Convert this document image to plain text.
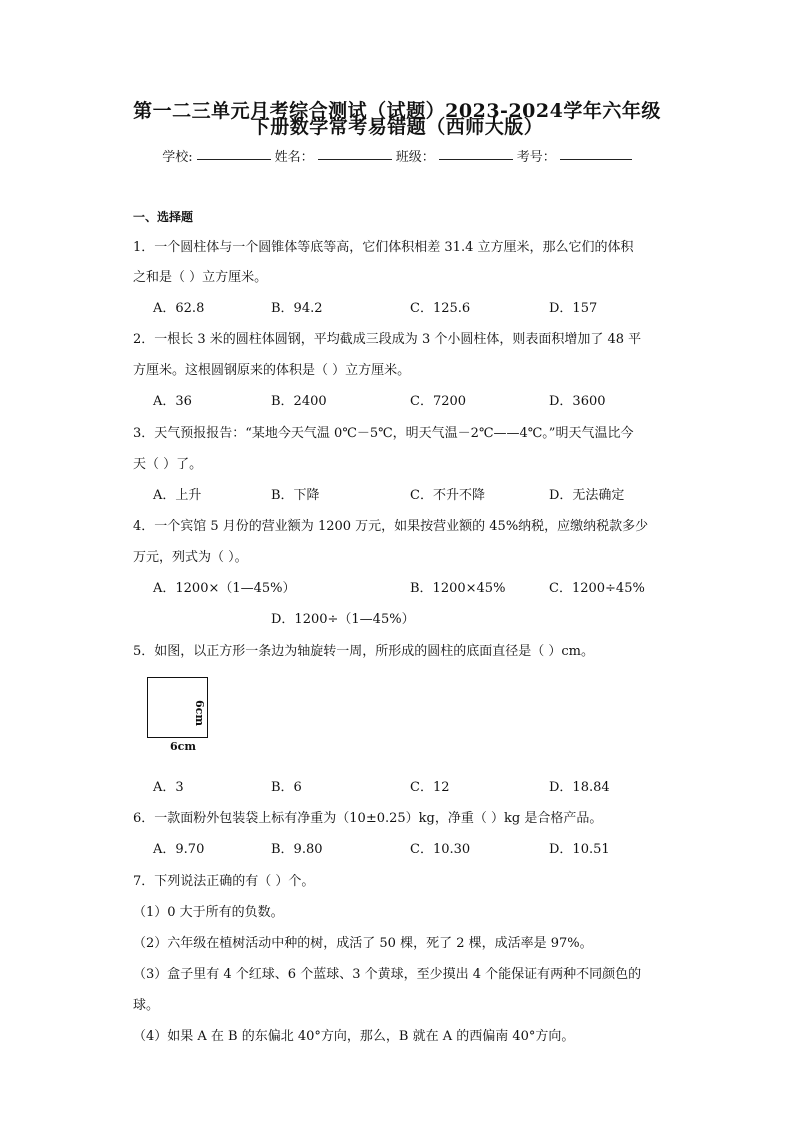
第一二三单元月考综合测试（试题）2023-2024学年六年级
下册数学常考易错题（西师大版）
学校:	姓名：	班级：	考号：
一、选择题
1．一个圆柱体与一个圆锥体等底等高，它们体积相差 31.4 立方厘米，那么它们的体积
之和是（ ）立方厘米。
A．62.8	B．94.2	C．125.6	D．157
2．一根长 3 米的圆柱体圆钢，平均截成三段成为 3 个小圆柱体，则表面积增加了 48 平
方厘米。这根圆钢原来的体积是（ ）立方厘米。
A．36	B．2400	C．7200	D．3600
3．天气预报报告：“某地今天气温 0℃－5℃，明天气温－2℃——4℃。”明天气温比今
天（ ）了。
A．上升	B．下降	C．不升不降	D．无法确定
4．一个宾馆 5 月份的营业额为 1200 万元，如果按营业额的 45%纳税，应缴纳税款多少
万元，列式为（ ）。
A．1200×（1—45%）	B．1200×45%	C．1200÷45%
D．1200÷（1—45%）
5．如图，以正方形一条边为轴旋转一周，所形成的圆柱的底面直径是（ ）cm。
6cm
6cm
A．3	B．6	C．12	D．18.84
6．一款面粉外包装袋上标有净重为（10±0.25）kg，净重（ ）kg 是合格产品。
A．9.70	B．9.80	C．10.30	D．10.51
7．下列说法正确的有（ ）个。
（1）0 大于所有的负数。
（2）六年级在植树活动中种的树，成活了 50 棵，死了 2 棵，成活率是 97%。
（3）盒子里有 4 个红球、6 个蓝球、3 个黄球，至少摸出 4 个能保证有两种不同颜色的
球。
（4）如果 A 在 B 的东偏北 40°方向，那么，B 就在 A 的西偏南 40°方向。
